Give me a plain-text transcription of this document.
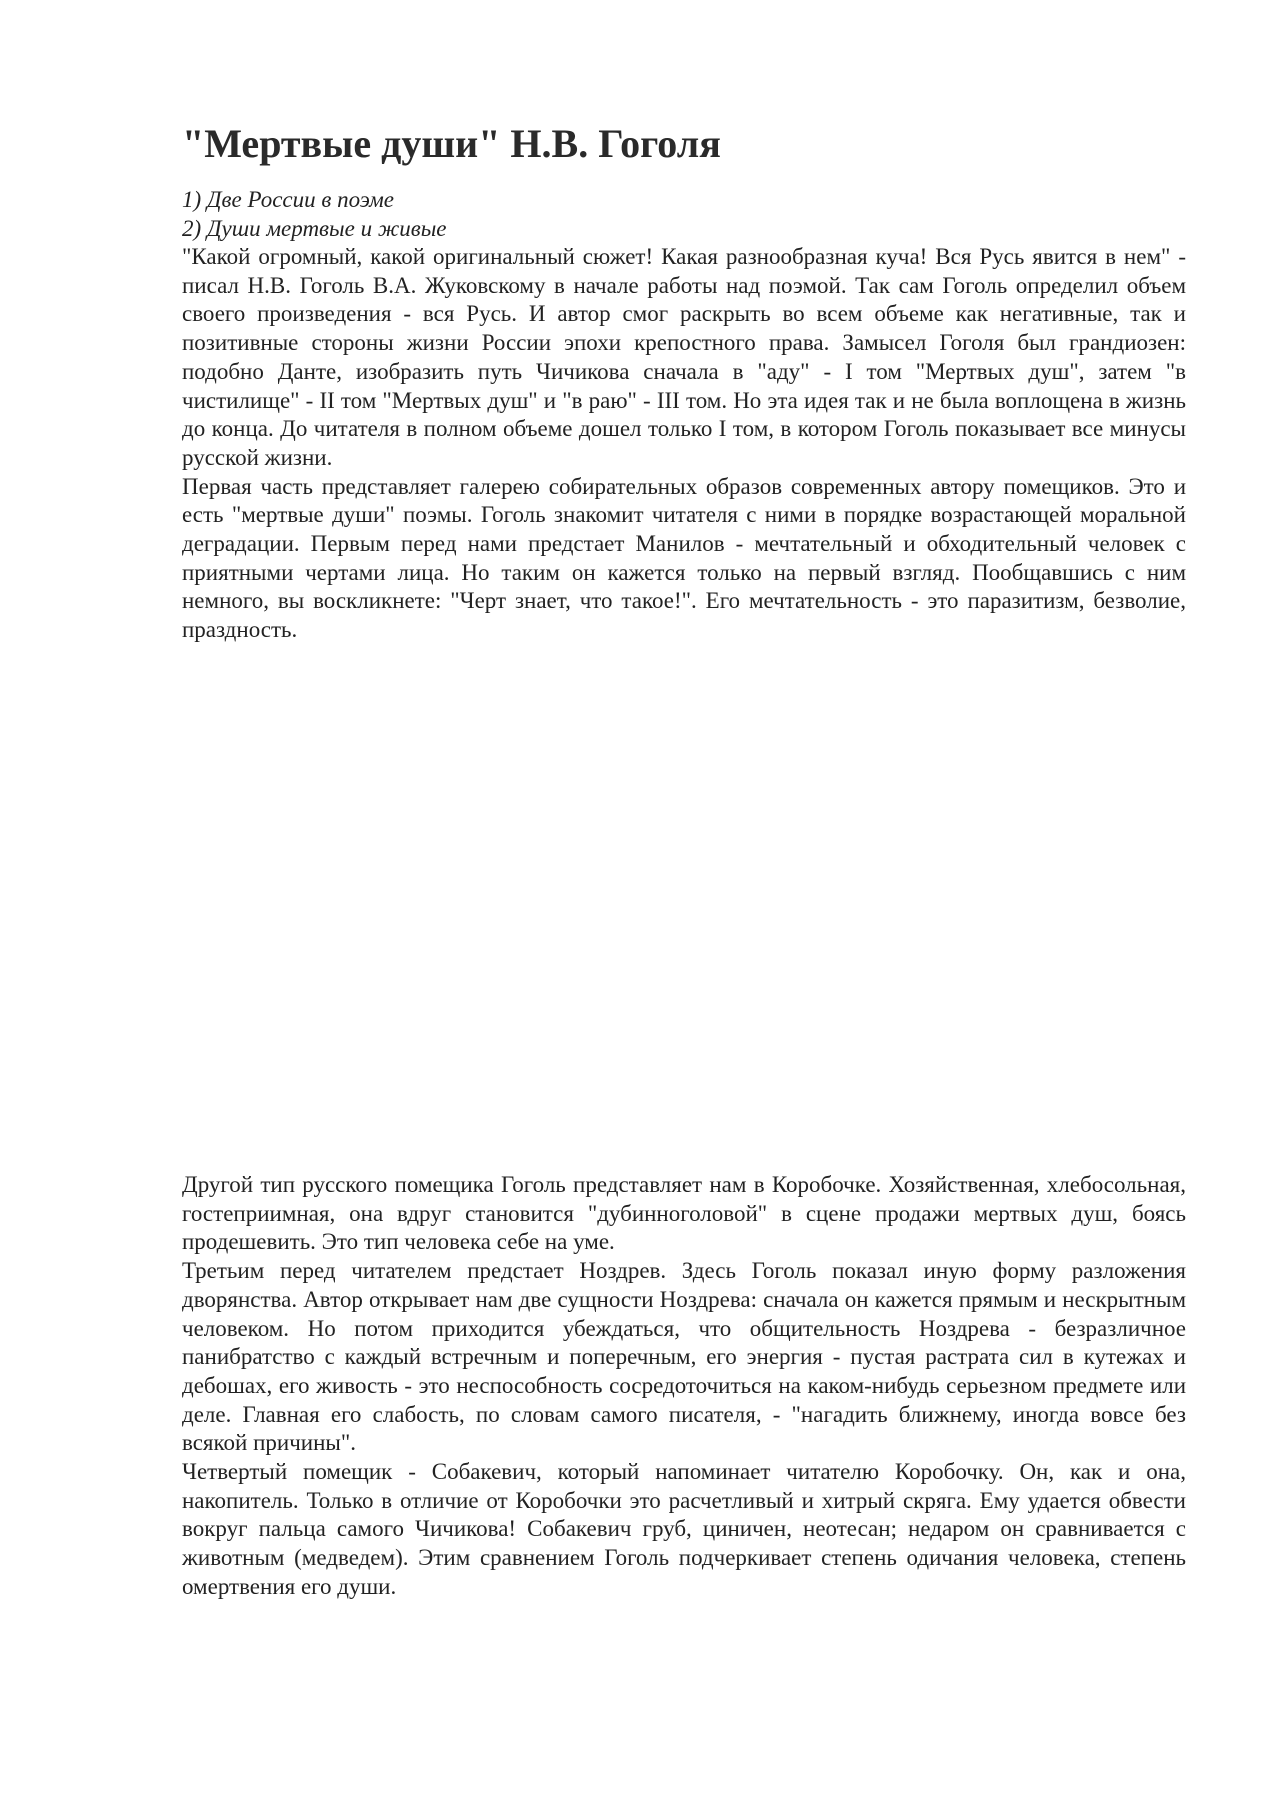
"Мертвые души" Н.В. Гоголя
1) Две России в поэме
2) Души мертвые и живые

"Какой огромный, какой оригинальный сюжет! Какая разнообразная куча! Вся Русь явится в нем" - писал Н.В. Гоголь В.А. Жуковскому в начале работы над поэмой. Так сам Гоголь определил объем своего произведения - вся Русь. И автор смог раскрыть во всем объеме как негативные, так и позитивные стороны жизни России эпохи крепостного права. Замысел Гоголя был грандиозен: подобно Данте, изобразить путь Чичикова сначала в "аду" - I том "Мертвых душ", затем "в чистилище" - II том "Мертвых душ" и "в раю" - III том. Но эта идея так и не была воплощена в жизнь до конца. До читателя в полном объеме дошел только I том, в котором Гоголь показывает все минусы русской жизни.

Первая часть представляет галерею собирательных образов современных автору помещиков. Это и есть "мертвые души" поэмы. Гоголь знакомит читателя с ними в порядке возрастающей моральной деградации. Первым перед нами предстает Манилов - мечтательный и обходительный человек с приятными чертами лица. Но таким он кажется только на первый взгляд. Пообщавшись с ним немного, вы воскликнете: "Черт знает, что такое!". Его мечтательность - это паразитизм, безволие, праздность.

Другой тип русского помещика Гоголь представляет нам в Коробочке. Хозяйственная, хлебосольная, гостеприимная, она вдруг становится "дубинноголовой" в сцене продажи мертвых душ, боясь продешевить. Это тип человека себе на уме.

Третьим перед читателем предстает Ноздрев. Здесь Гоголь показал иную форму разложения дворянства. Автор открывает нам две сущности Ноздрева: сначала он кажется прямым и нескрытным человеком. Но потом приходится убеждаться, что общительность Ноздрева - безразличное панибратство с каждый встречным и поперечным, его энергия - пустая растрата сил в кутежах и дебошах, его живость - это неспособность сосредоточиться на каком-нибудь серьезном предмете или деле. Главная его слабость, по словам самого писателя, - "нагадить ближнему, иногда вовсе без всякой причины".

Четвертый помещик - Собакевич, который напоминает читателю Коробочку. Он, как и она, накопитель. Только в отличие от Коробочки это расчетливый и хитрый скряга. Ему удается обвести вокруг пальца самого Чичикова! Собакевич груб, циничен, неотесан; недаром он сравнивается с животным (медведем). Этим сравнением Гоголь подчеркивает степень одичания человека, степень омертвения его души.
